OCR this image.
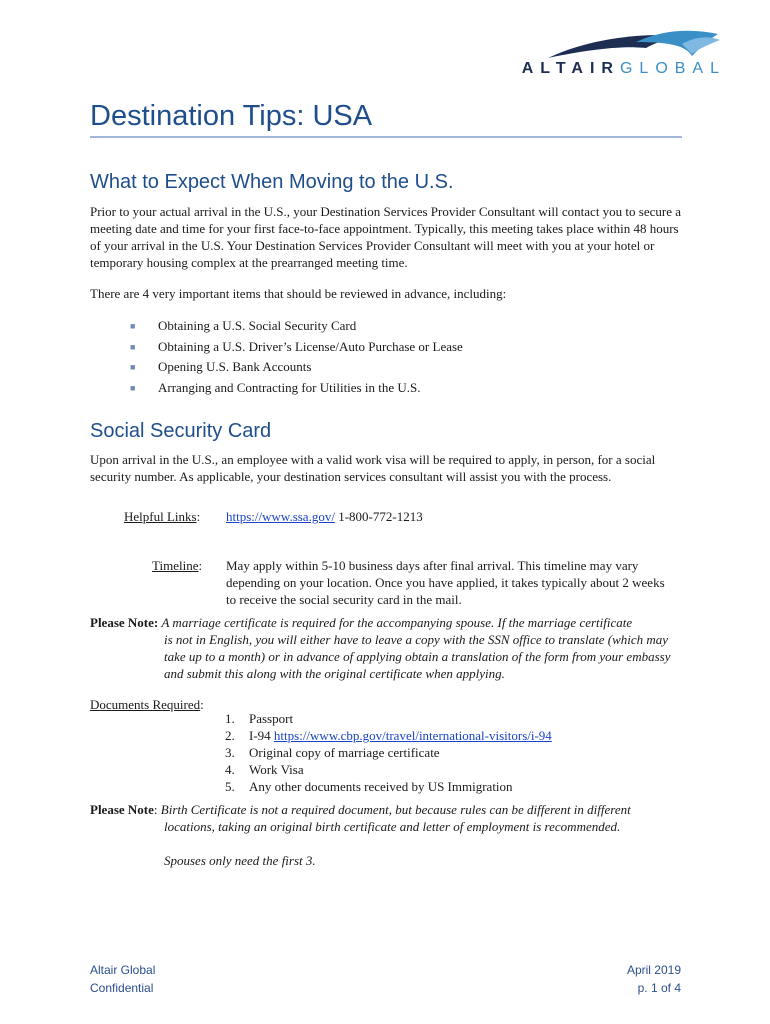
ALTAIRGLOBAL
Destination Tips: USA
What to Expect When Moving to the U.S.

Prior to your actual arrival in the U.S., your Destination Services Provider Consultant will contact you to secure a meeting date and time for your first face-to-face appointment. Typically, this meeting takes place within 48 hours of your arrival in the U.S. Your Destination Services Provider Consultant will meet with you at your hotel or temporary housing complex at the prearranged meeting time.

There are 4 very important items that should be reviewed in advance, including:

■ Obtaining a U.S. Social Security Card
■ Obtaining a U.S. Driver’s License/Auto Purchase or Lease
■ Opening U.S. Bank Accounts
■ Arranging and Contracting for Utilities in the U.S.
Social Security Card

Upon arrival in the U.S., an employee with a valid work visa will be required to apply, in person, for a social security number. As applicable, your destination services consultant will assist you with the process.

Helpful Links: https://www.ssa.gov/ 1-800-772-1213
Timeline: May apply within 5-10 business days after final arrival. This timeline may vary depending on your location. Once you have applied, it takes typically about 2 weeks to receive the social security card in the mail.
Please Note: A marriage certificate is required for the accompanying spouse. If the marriage certificate
is not in English, you will either have to leave a copy with the SSN office to translate (which may take up to a month) or in advance of applying obtain a translation of the form from your embassy and submit this along with the original certificate when applying.
Documents Required:
1. Passport
2. I-94 https://www.cbp.gov/travel/international-visitors/i-94
3. Original copy of marriage certificate
4. Work Visa
5. Any other documents received by US Immigration
Please Note: Birth Certificate is not a required document, but because rules can be different in different
locations, taking an original birth certificate and letter of employment is recommended.
Spouses only need the first 3.
Altair Global
Confidential
April 2019
p. 1 of 4
